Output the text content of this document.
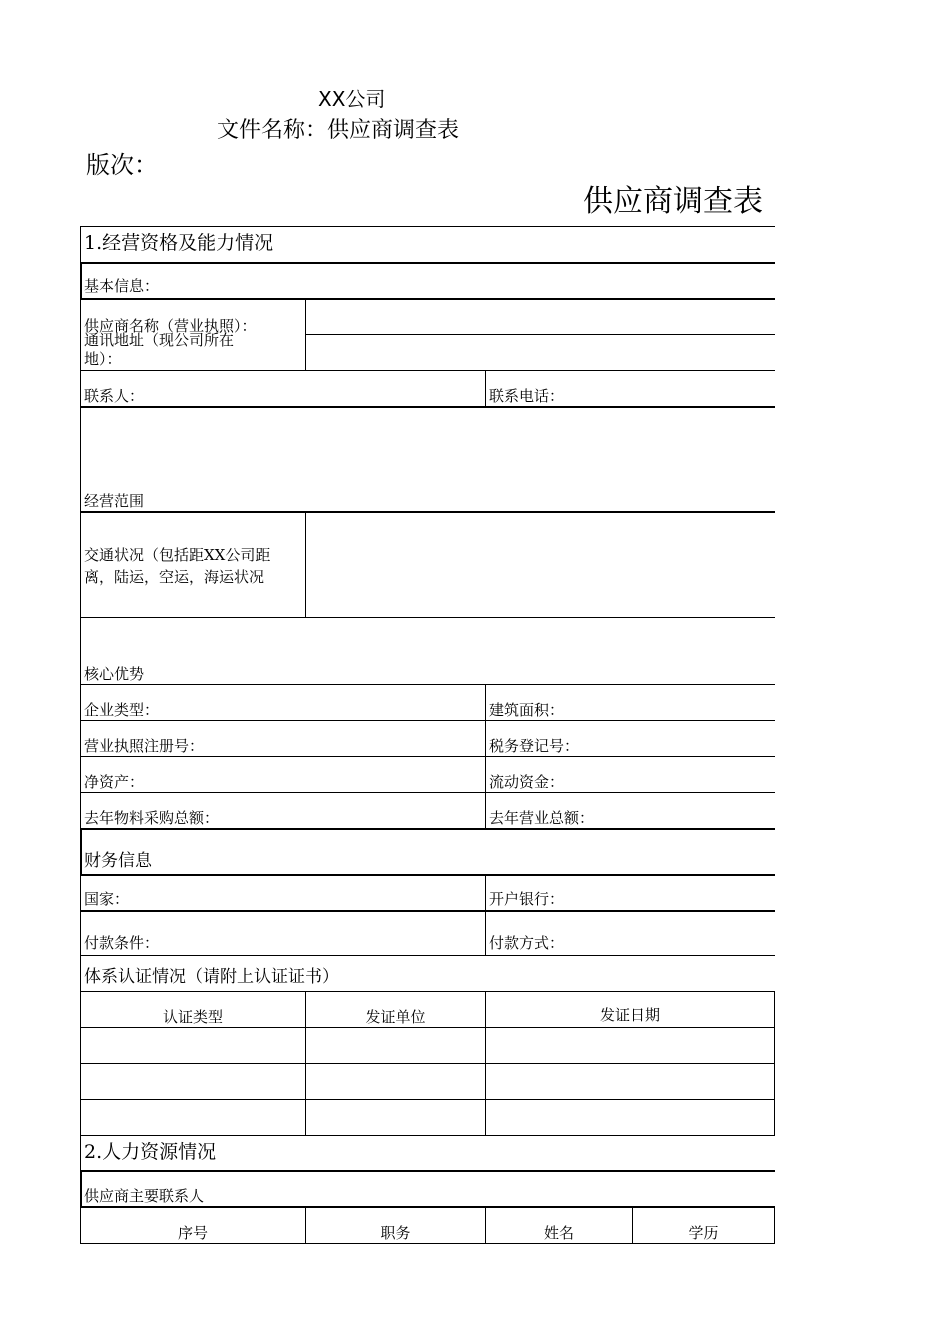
XX公司
文件名称：供应商调查表
版次：
供应商调查表
1.经营资格及能力情况
基本信息：
供应商名称（营业执照）：
通讯地址（现公司所在
地）：
联系人：	联系电话：
经营范围
交通状况（包括距XX公司距
离，陆运，空运，海运状况
核心优势
企业类型：	建筑面积：
营业执照注册号：	税务登记号：
净资产：	流动资金：
去年物料采购总额：	去年营业总额：
财务信息
国家：	开户银行：
付款条件：	付款方式：
体系认证情况（请附上认证证书）
认证类型	发证单位	发证日期
2.人力资源情况
供应商主要联系人
序号	职务	姓名	学历
